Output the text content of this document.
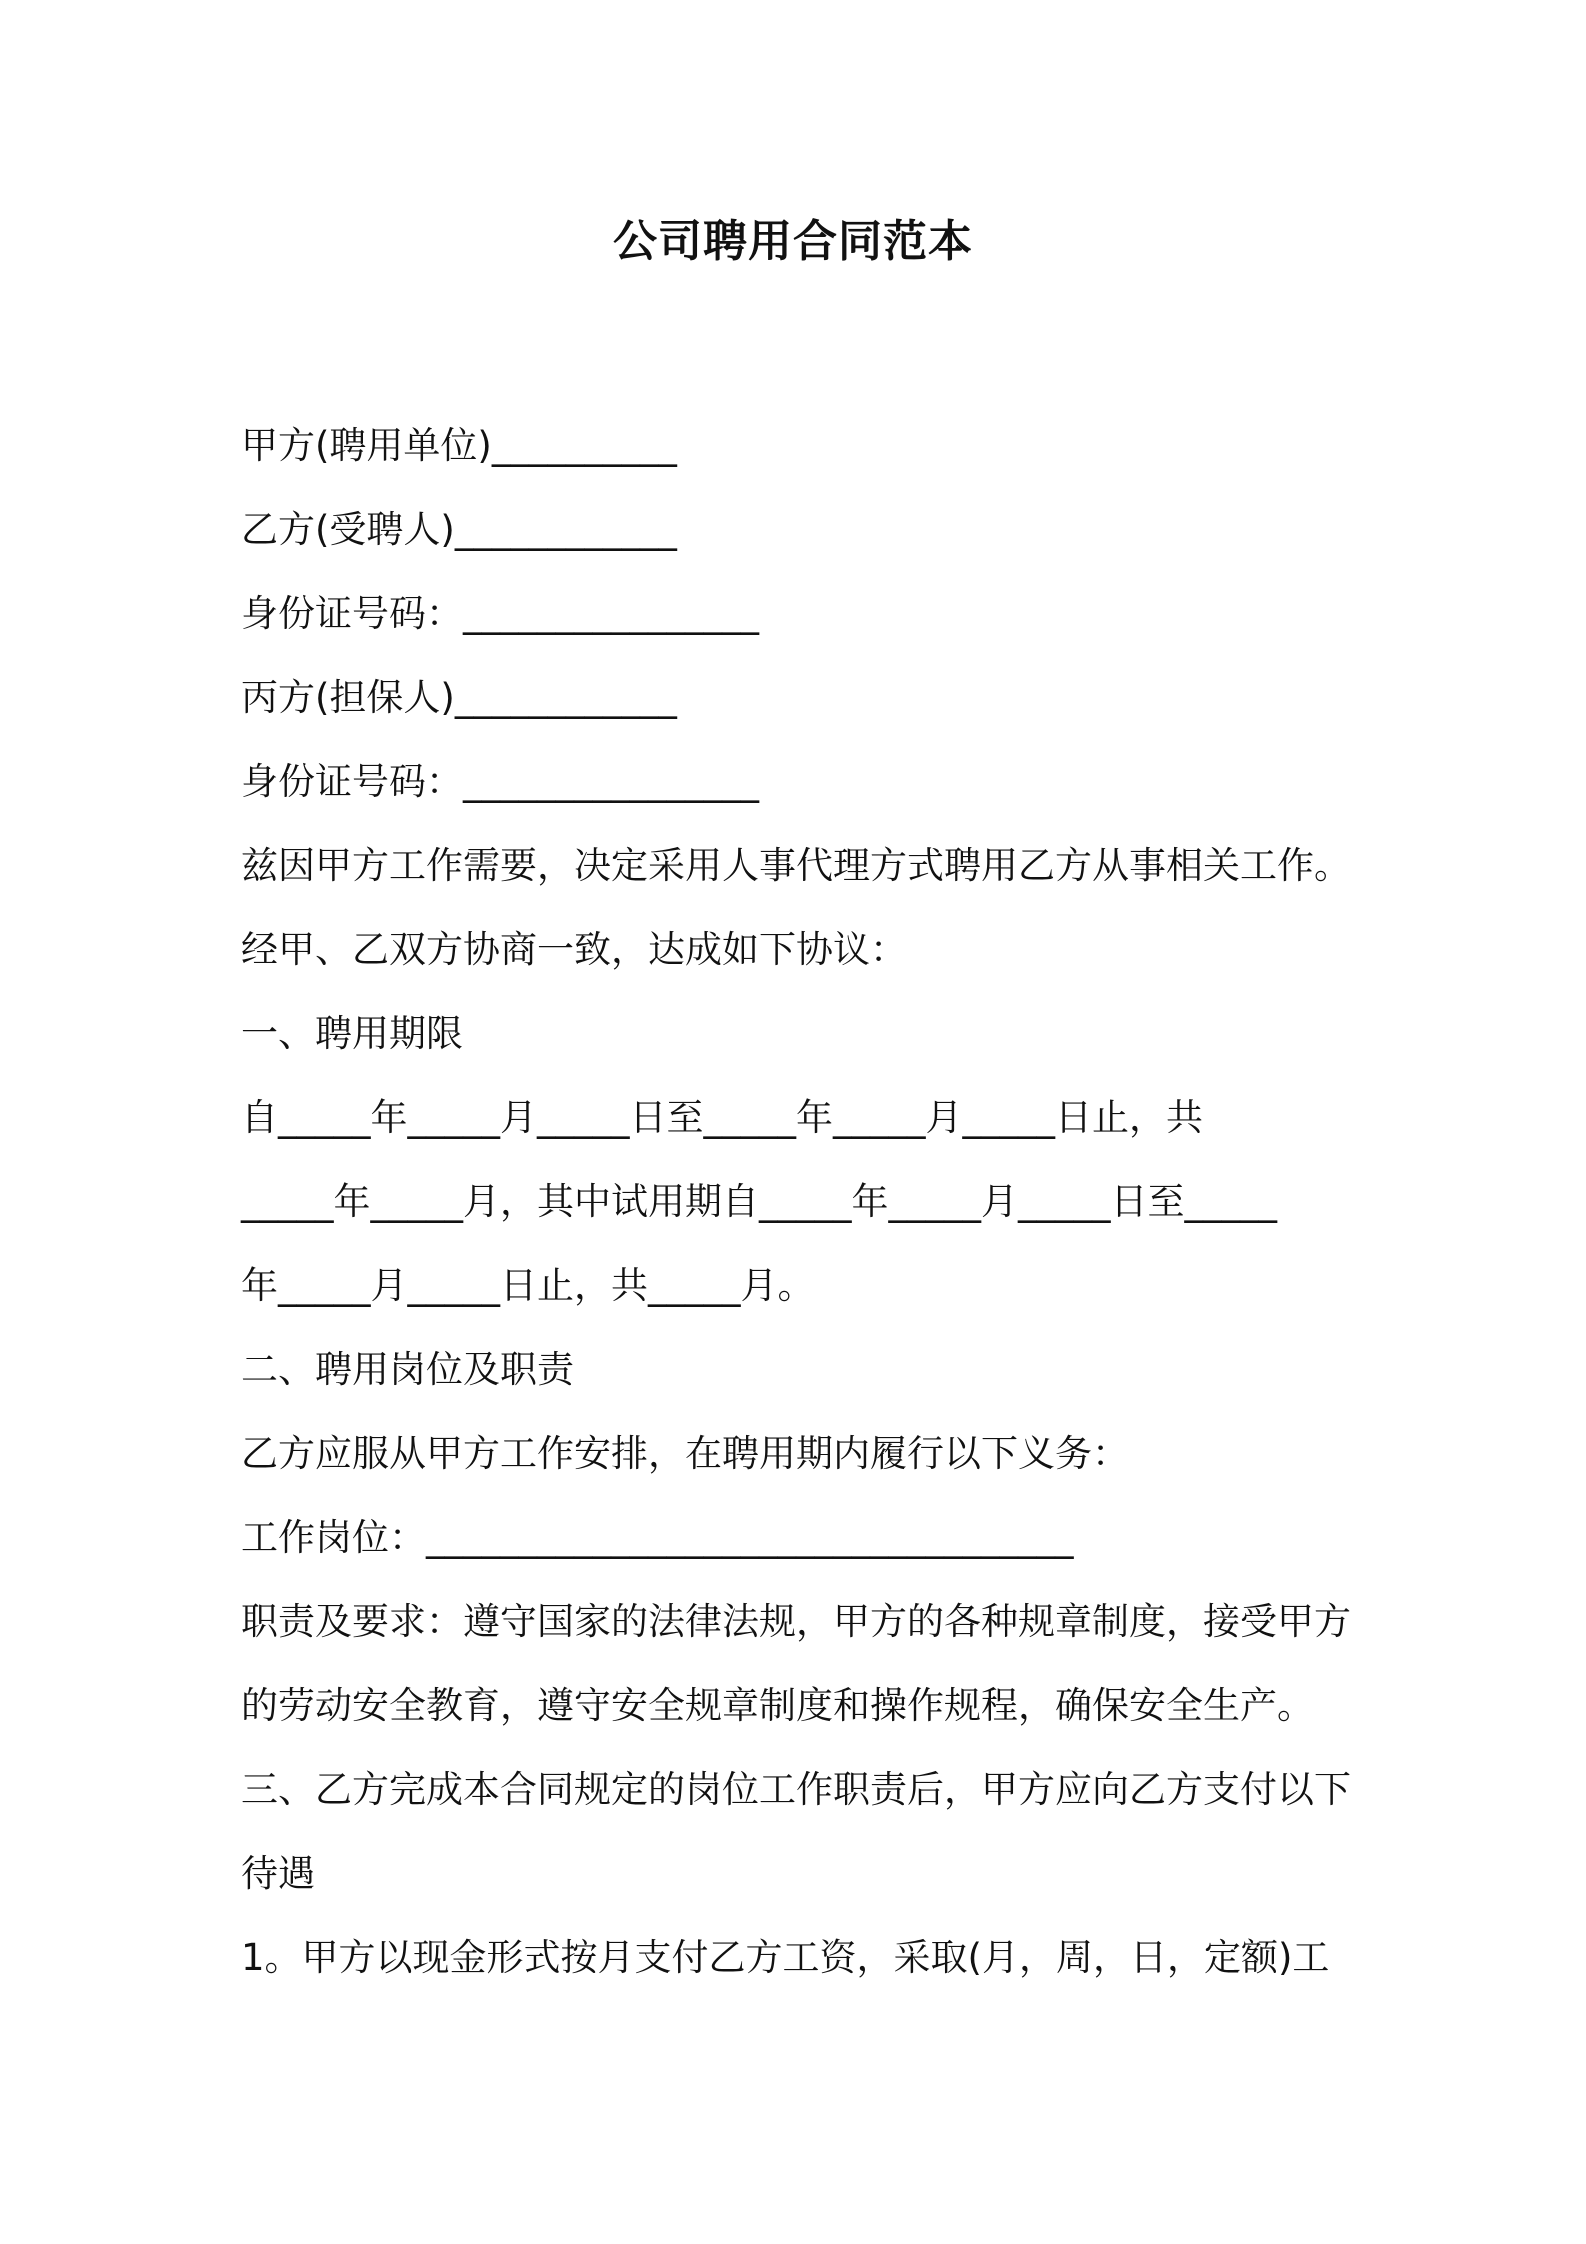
公司聘用合同范本

甲方(聘用单位)__________

乙方(受聘人)____________

身份证号码：________________

丙方(担保人)____________

身份证号码：________________

兹因甲方工作需要，决定采用人事代理方式聘用乙方从事相关工作。

经甲、乙双方协商一致，达成如下协议：

一、聘用期限

自_____年_____月_____日至_____年_____月_____日止，共

_____年_____月，其中试用期自_____年_____月_____日至_____

年_____月_____日止，共_____月。

二、聘用岗位及职责

乙方应服从甲方工作安排，在聘用期内履行以下义务：

工作岗位：___________________________________

职责及要求：遵守国家的法律法规，甲方的各种规章制度，接受甲方

的劳动安全教育，遵守安全规章制度和操作规程，确保安全生产。

三、乙方完成本合同规定的岗位工作职责后，甲方应向乙方支付以下

待遇

1。甲方以现金形式按月支付乙方工资，采取(月，周，日，定额)工
